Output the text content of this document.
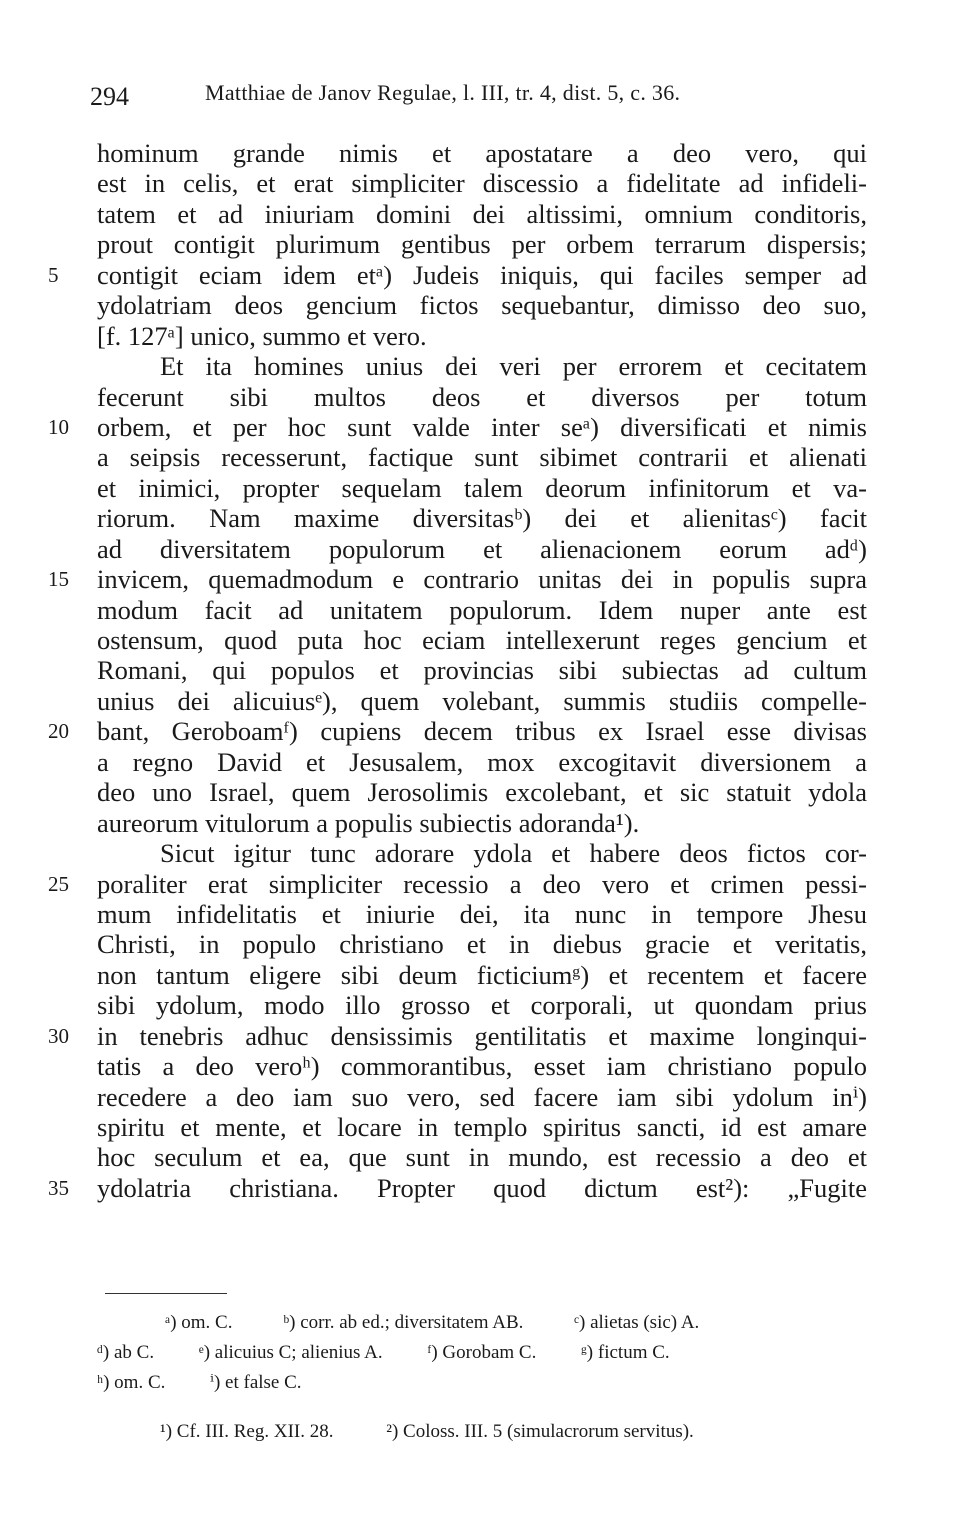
294	Matthiae de Janov Regulae, l. III, tr. 4, dist. 5, c. 36.
hominum grande nimis et apostatare a deo vero, qui
est in celis, et erat simpliciter discessio a fidelitate ad infideli-
tatem et ad iniuriam domini dei altissimi, omnium conditoris,
prout contigit plurimum gentibus per orbem terrarum dispersis;
5	contigit eciam idem etᵃ) Judeis iniquis, qui faciles semper ad
ydolatriam deos gencium fictos sequebantur, dimisso deo suo,
[f. 127ᵃ] unico, summo et vero.
Et ita homines unius dei veri per errorem et cecitatem
fecerunt sibi multos deos et diversos per totum
10	orbem, et per hoc sunt valde inter seᵃ) diversificati et nimis
a seipsis recesserunt, factique sunt sibimet contrarii et alienati
et inimici, propter sequelam talem deorum infinitorum et va-
riorum. Nam maxime diversitasᵇ) dei et alienitasᶜ) facit
ad diversitatem populorum et alienacionem eorum adᵈ)
15	invicem, quemadmodum e contrario unitas dei in populis supra
modum facit ad unitatem populorum. Idem nuper ante est
ostensum, quod puta hoc eciam intellexerunt reges gencium et
Romani, qui populos et provincias sibi subiectas ad cultum
unius dei alicuiusᵉ), quem volebant, summis studiis compelle-
20	bant, Geroboamᶠ) cupiens decem tribus ex Israel esse divisas
a regno David et Jesusalem, mox excogitavit diversionem a
deo uno Israel, quem Jerosolimis excolebant, et sic statuit ydola
aureorum vitulorum a populis subiectis adoranda¹).
Sicut igitur tunc adorare ydola et habere deos fictos cor-
25	poraliter erat simpliciter recessio a deo vero et crimen pessi-
mum infidelitatis et iniurie dei, ita nunc in tempore Jhesu
Christi, in populo christiano et in diebus gracie et veritatis,
non tantum eligere sibi deum ficticiumᵍ) et recentem et facere
sibi ydolum, modo illo grosso et corporali, ut quondam prius
30	in tenebris adhuc densissimis gentilitatis et maxime longinqui-
tatis a deo veroʰ) commorantibus, esset iam christiano populo
recedere a deo iam suo vero, sed facere iam sibi ydolum inⁱ)
spiritu et mente, et locare in templo spiritus sancti, id est amare
hoc seculum et ea, que sunt in mundo, est recessio a deo et
35	ydolatria christiana. Propter quod dictum est²): „Fugite
ᵃ) om. C.	ᵇ) corr. ab ed.; diversitatem AB.	ᶜ) alietas (sic) A.
ᵈ) ab C. ᵉ) alicuius C; alienius A. ᶠ) Gorobam C. ᵍ) fictum C.
ʰ) om. C. ⁱ) et false C.
¹) Cf. III. Reg. XII. 28.	²) Coloss. III. 5 (simulacrorum servitus).
